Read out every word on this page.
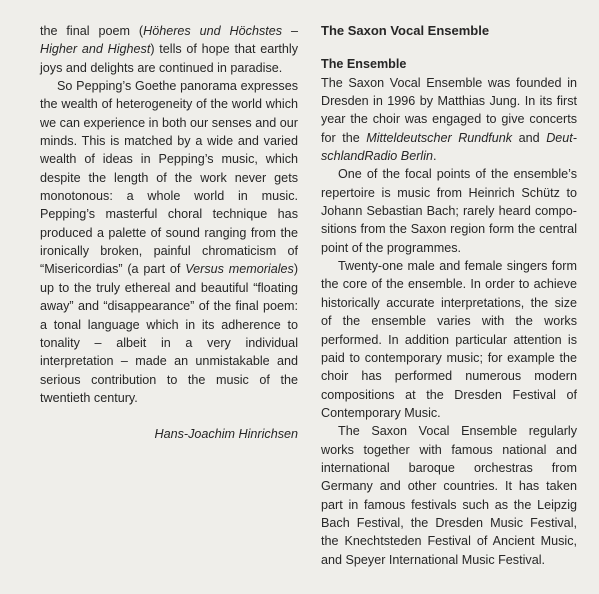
the final poem (Höheres und Höchstes – Higher and Highest) tells of hope that earthly joys and delights are continued in paradise.

So Pepping’s Goethe panorama expresses the wealth of heterogeneity of the world which we can experience in both our senses and our minds. This is matched by a wide and varied wealth of ideas in Pepping’s music, which despite the length of the work never gets monotonous: a whole world in music. Pepping’s masterful choral technique has produced a palette of sound ranging from the ironically broken, painful chromaticism of “Misericordias” (a part of Versus memoriales) up to the truly ethereal and beautiful “floating away” and “disappearance” of the final poem: a tonal language which in its adherence to tonality – albeit in a very individual interpretation – made an unmistakable and serious contribution to the music of the twentieth century.

Hans-Joachim Hinrichsen

The Saxon Vocal Ensemble
The Ensemble

The Saxon Vocal Ensemble was founded in Dresden in 1996 by Matthias Jung. In its first year the choir was engaged to give concerts for the Mitteldeutscher Rundfunk and DeutschlandRadio Berlin.

One of the focal points of the ensemble’s repertoire is music from Heinrich Schütz to Johann Sebastian Bach; rarely heard compositions from the Saxon region form the central point of the programmes.

Twenty-one male and female singers form the core of the ensemble. In order to achieve historically accurate interpretations, the size of the ensemble varies with the works performed. In addition particular attention is paid to contemporary music; for example the choir has performed numerous modern compositions at the Dresden Festival of Contemporary Music.

The Saxon Vocal Ensemble regularly works together with famous national and international baroque orchestras from Germany and other countries. It has taken part in famous festivals such as the Leipzig Bach Festival, the Dresden Music Festival, the Knechtsteden Festival of Ancient Music, and Speyer International Music Festival.
